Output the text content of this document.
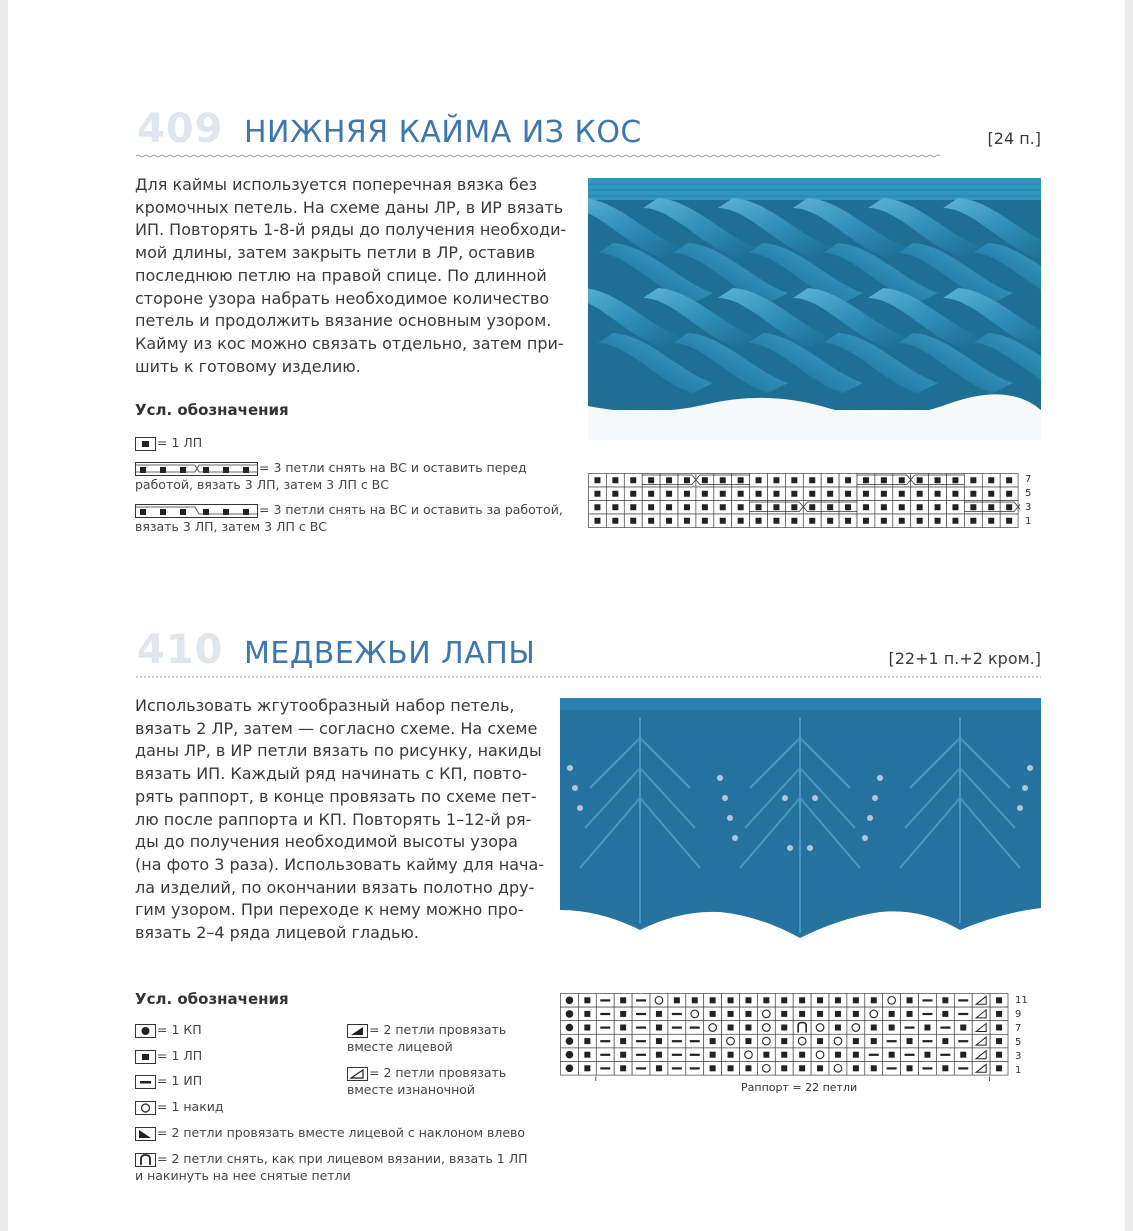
409 НИЖНЯЯ КАЙМА ИЗ КОС	[24 п.]
Для каймы используется поперечная вязка без
кромочных петель. На схеме даны ЛР, в ИР вязать
ИП. Повторять 1-8-й ряды до получения необходи-
мой длины, затем закрыть петли в ЛР, оставив
последнюю петлю на правой спице. По длинной
стороне узора набрать необходимое количество
петель и продолжить вязание основным узором.
Каймy из кос можно связать отдельно, затем при-
шить к готовому изделию.
7
5
3
1
Усл. обозначения
= 1 ЛП
= 3 петли снять на ВС и оставить перед
работой, вязать 3 ЛП, затем 3 ЛП с ВС
= 3 петли снять на ВС и оставить за работой,
вязать 3 ЛП, затем 3 ЛП с ВС
410 МЕДВЕЖЬИ ЛАПЫ	[22+1 п.+2 кром.]
Использовать жгутообразный набор петель,
вязать 2 ЛР, затем — согласно схеме. На схеме
даны ЛР, в ИР петли вязать по рисунку, накиды
вязать ИП. Каждый ряд начинать с КП, повто-
рять раппорт, в конце провязать по схеме пет-
лю после раппорта и КП. Повторять 1–12-й ря-
ды до получения необходимой высоты узора
(на фото 3 раза). Использовать кайму для нача-
ла изделий, по окончании вязать полотно дру-
гим узором. При переходе к нему можно про-
вязать 2–4 ряда лицевой гладью.
11
9
7
5
3
1
Раппорт = 22 петли
Усл. обозначения
= 1 КП
= 1 ЛП
= 1 ИП
= 1 накид
= 2 петли провязать
вместе лицевой
= 2 петли провязать
вместе изнаночной
= 2 петли провязать вместе лицевой с наклоном влево
= 2 петли снять, как при лицевом вязании, вязать 1 ЛП
и накинуть на нее снятые петли
